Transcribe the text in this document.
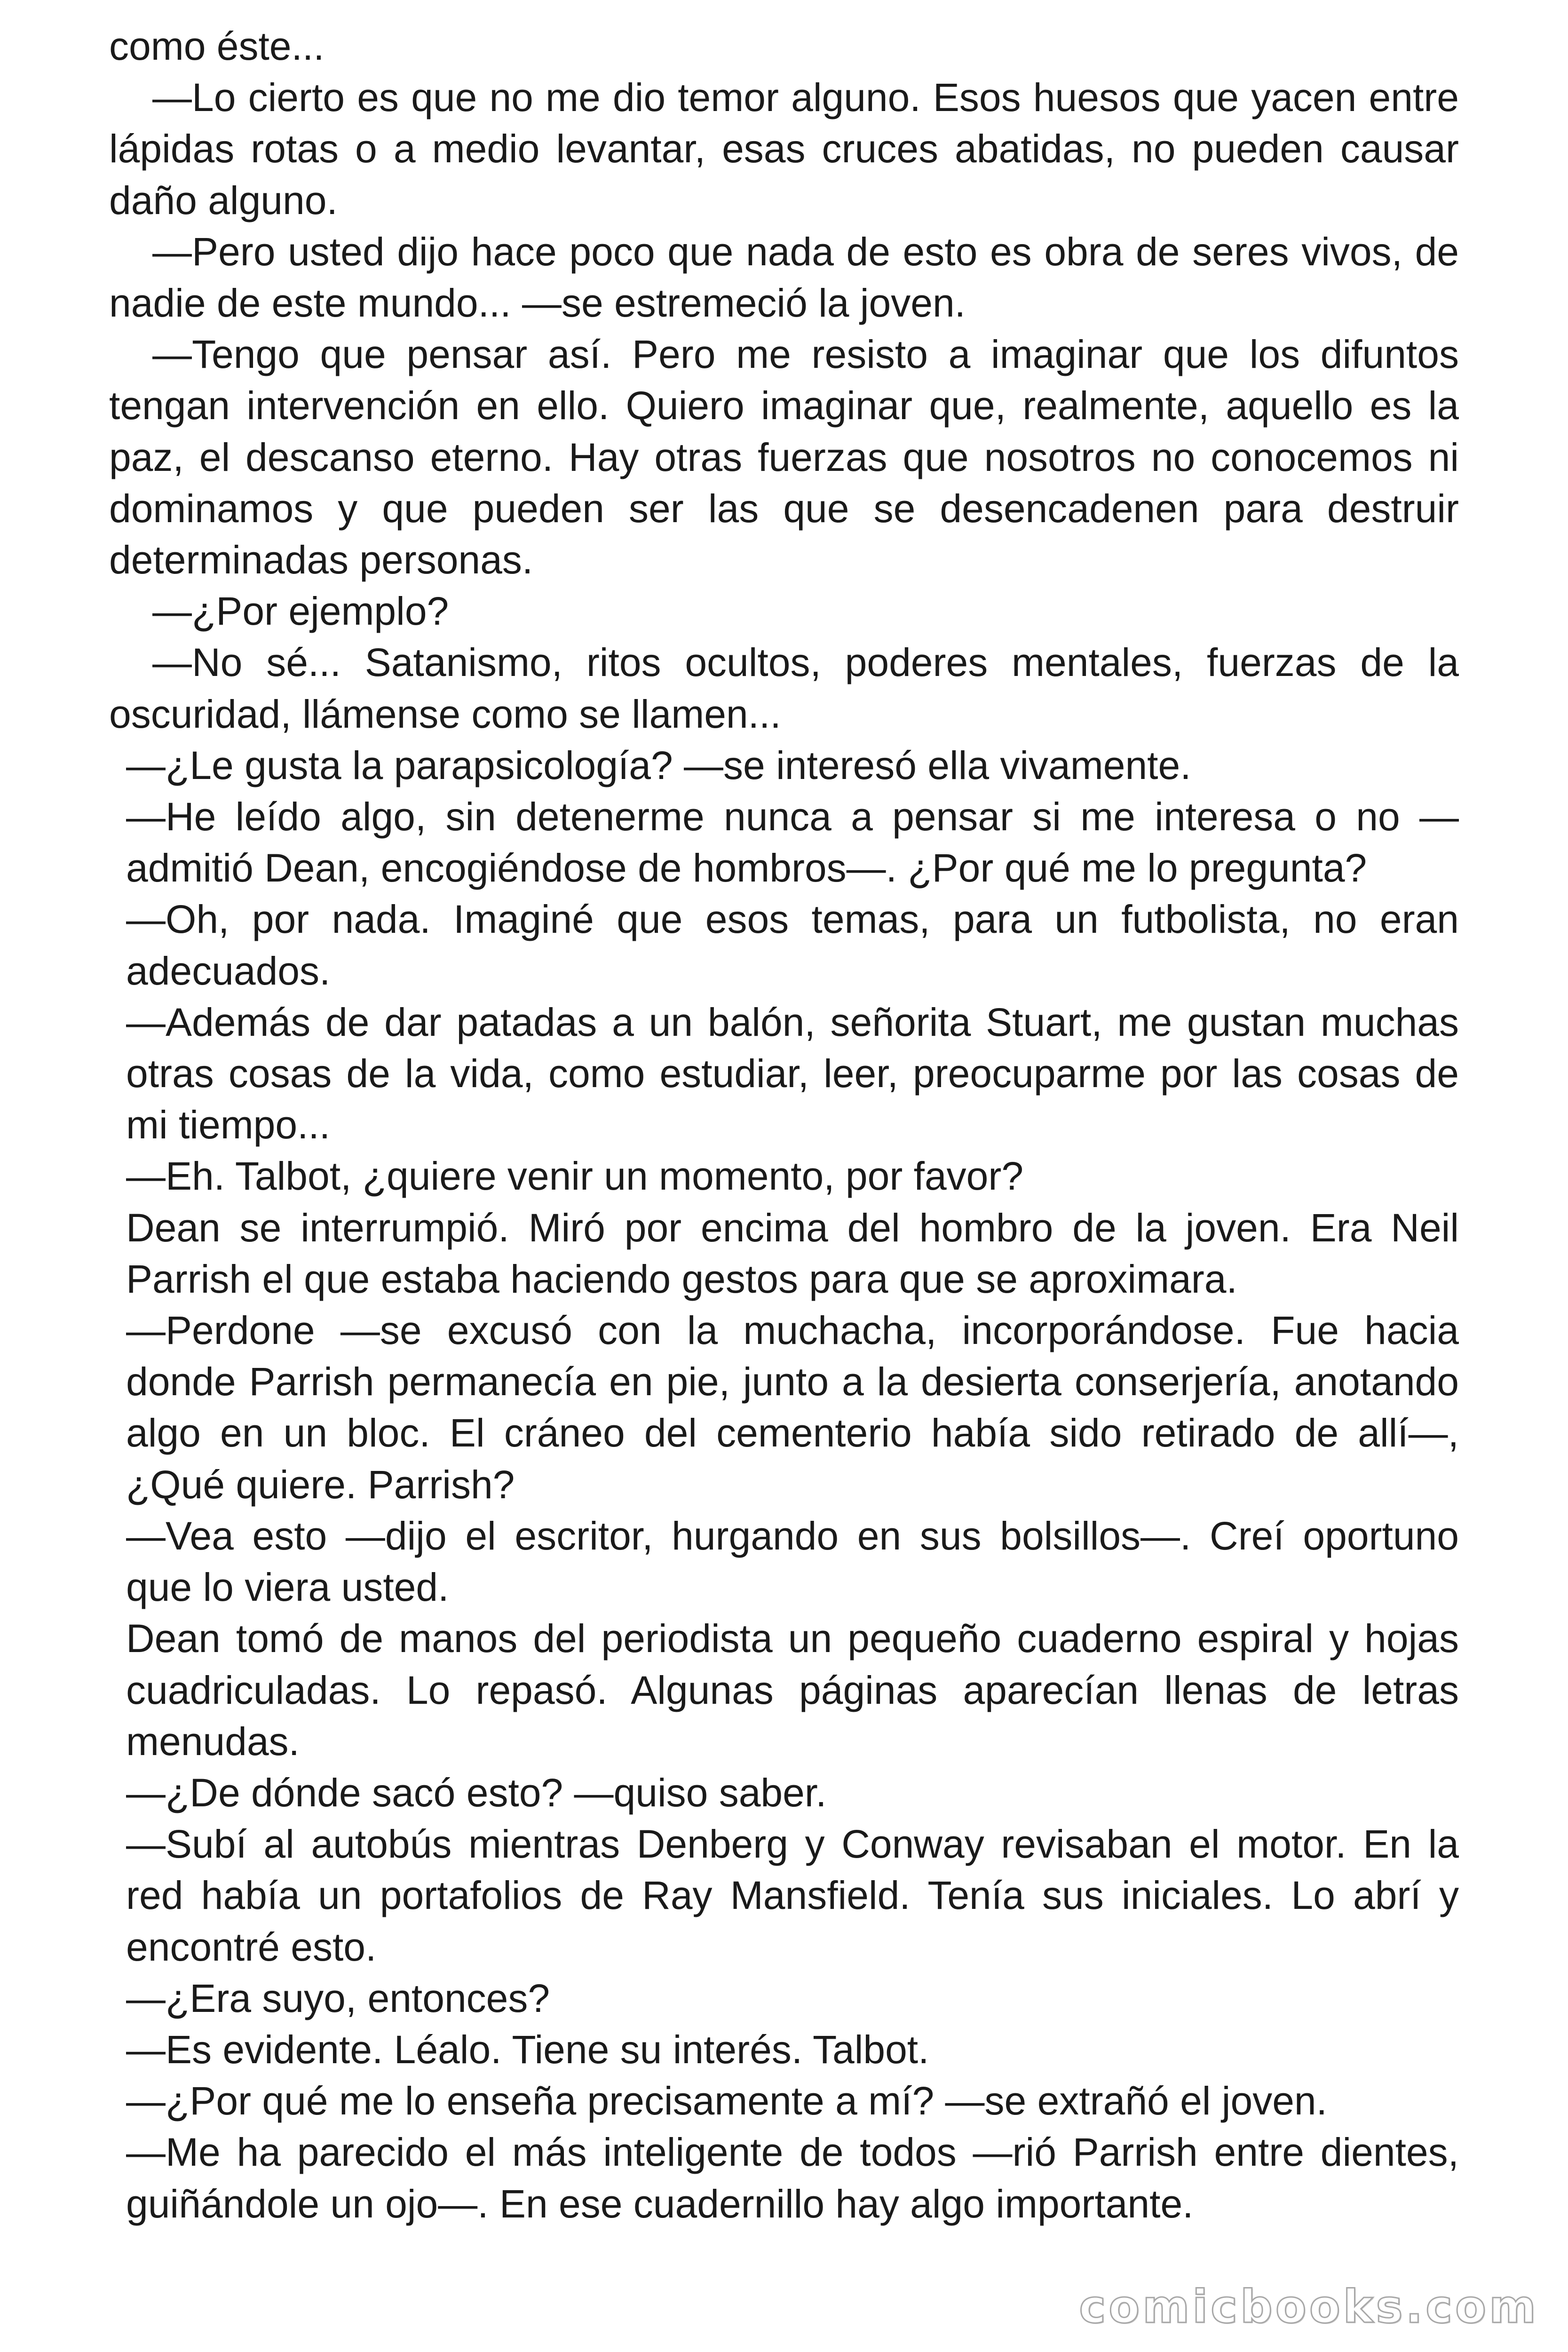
como éste...

—Lo cierto es que no me dio temor alguno. Esos huesos que yacen entre lápidas rotas o a medio levantar, esas cruces abatidas, no pueden causar daño alguno.

—Pero usted dijo hace poco que nada de esto es obra de seres vivos, de nadie de este mundo... —se estremeció la joven.

—Tengo que pensar así. Pero me resisto a imaginar que los difuntos tengan intervención en ello. Quiero imaginar que, realmente, aquello es la paz, el descanso eterno. Hay otras fuerzas que nosotros no conocemos ni dominamos y que pueden ser las que se desencadenen para destruir determinadas personas.

—¿Por ejemplo?

—No sé... Satanismo, ritos ocultos, poderes mentales, fuerzas de la oscuridad, llámense como se llamen...

—¿Le gusta la parapsicología? —se interesó ella vivamente.

—He leído algo, sin detenerme nunca a pensar si me interesa o no —admitió Dean, encogiéndose de hombros—. ¿Por qué me lo pregunta?

—Oh, por nada. Imaginé que esos temas, para un futbolista, no eran adecuados.

—Además de dar patadas a un balón, señorita Stuart, me gustan muchas otras cosas de la vida, como estudiar, leer, preocuparme por las cosas de mi tiempo...

—Eh. Talbot, ¿quiere venir un momento, por favor?

Dean se interrumpió. Miró por encima del hombro de la joven. Era Neil Parrish el que estaba haciendo gestos para que se aproximara.

—Perdone —se excusó con la muchacha, incorporándose. Fue hacia donde Parrish permanecía en pie, junto a la desierta conserjería, anotando algo en un bloc. El cráneo del cementerio había sido retirado de allí—, ¿Qué quiere. Parrish?

—Vea esto —dijo el escritor, hurgando en sus bolsillos—. Creí oportuno que lo viera usted.

Dean tomó de manos del periodista un pequeño cuaderno espiral y hojas cuadriculadas. Lo repasó. Algunas páginas aparecían llenas de letras menudas.

—¿De dónde sacó esto? —quiso saber.

—Subí al autobús mientras Denberg y Conway revisaban el motor. En la red había un portafolios de Ray Mansfield. Tenía sus iniciales. Lo abrí y encontré esto.

—¿Era suyo, entonces?

—Es evidente. Léalo. Tiene su interés. Talbot.

—¿Por qué me lo enseña precisamente a mí? —se extrañó el joven.

—Me ha parecido el más inteligente de todos —rió Parrish entre dientes, guiñándole un ojo—. En ese cuadernillo hay algo importante.

comicbooks.com
